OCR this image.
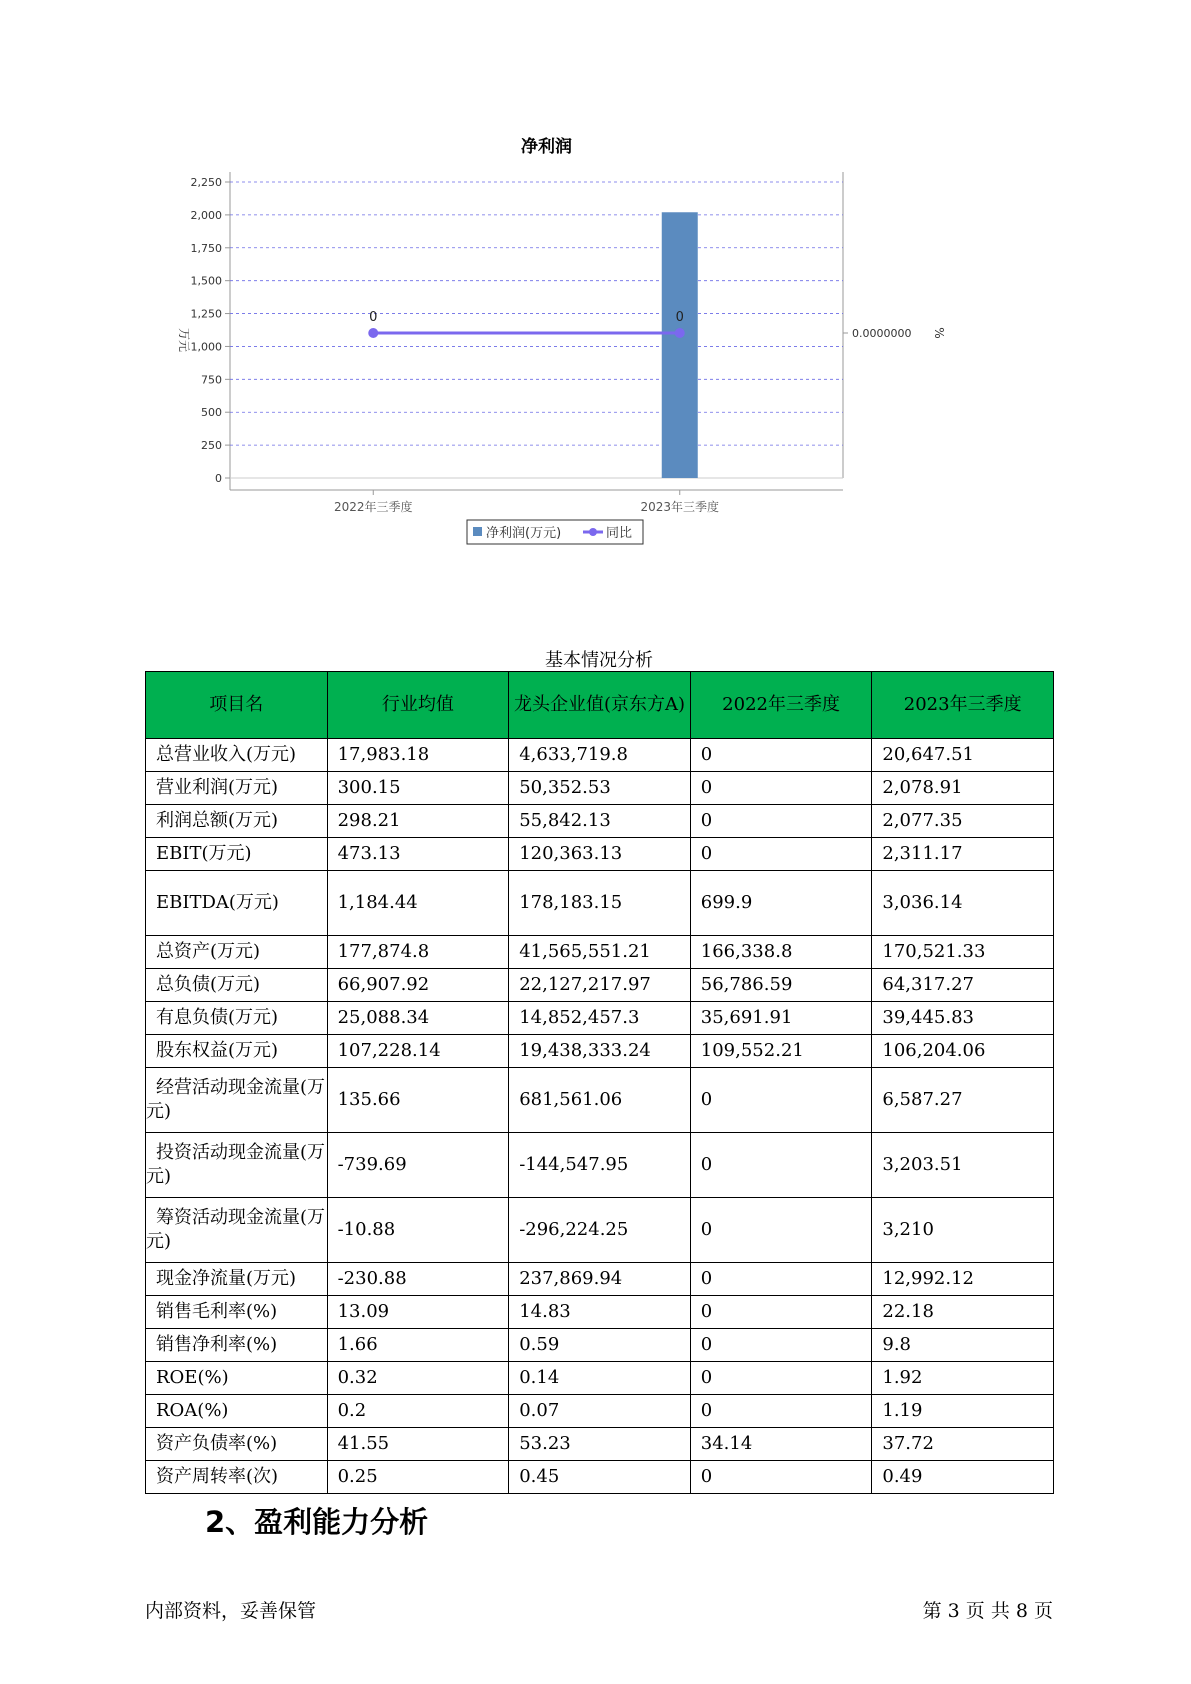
净利润
0
250
500
750
1,000
1,250
1,500
1,750
2,000
2,250
万元
2022年三季度	2023年三季度
0.0000000 %
0	0
净利润(万元)	同比
基本情况分析
项目名	行业均值	龙头企业值(京东方A)	2022年三季度	2023年三季度
总营业收入(万元)	17,983.18	4,633,719.8	0	20,647.51
营业利润(万元)	300.15	50,352.53	0	2,078.91
利润总额(万元)	298.21	55,842.13	0	2,077.35
EBIT(万元)	473.13	120,363.13	0	2,311.17
EBITDA(万元)	1,184.44	178,183.15	699.9	3,036.14
总资产(万元)	177,874.8	41,565,551.21	166,338.8	170,521.33
总负债(万元)	66,907.92	22,127,217.97	56,786.59	64,317.27
有息负债(万元)	25,088.34	14,852,457.3	35,691.91	39,445.83
股东权益(万元)	107,228.14	19,438,333.24	109,552.21	106,204.06
经营活动现金流量(万元)	135.66	681,561.06	0	6,587.27
投资活动现金流量(万元)	-739.69	-144,547.95	0	3,203.51
筹资活动现金流量(万元)	-10.88	-296,224.25	0	3,210
现金净流量(万元)	-230.88	237,869.94	0	12,992.12
销售毛利率(%)	13.09	14.83	0	22.18
销售净利率(%)	1.66	0.59	0	9.8
ROE(%)	0.32	0.14	0	1.92
ROA(%)	0.2	0.07	0	1.19
资产负债率(%)	41.55	53.23	34.14	37.72
资产周转率(次)	0.25	0.45	0	0.49
2、盈利能力分析
内部资料，妥善保管	第 3 页 共 8 页
